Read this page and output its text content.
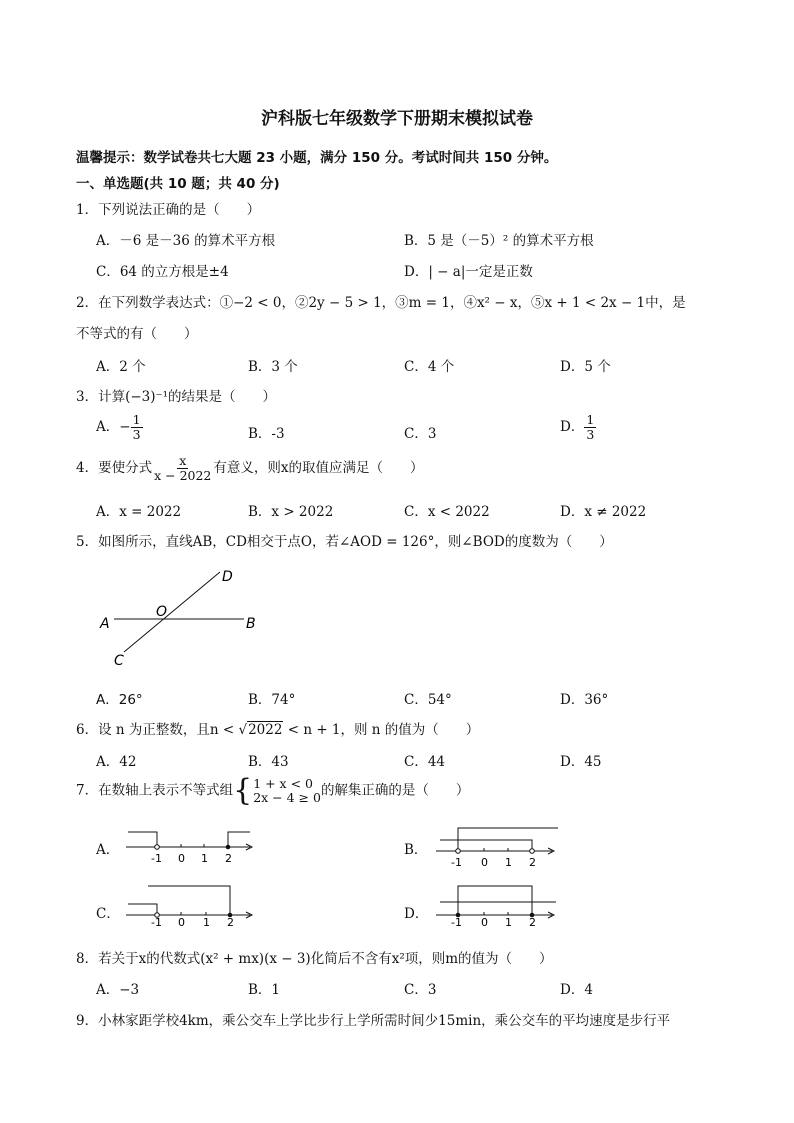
沪科版七年级数学下册期末模拟试卷
温馨提示：数学试卷共七大题 23 小题，满分 150 分。考试时间共 150 分钟。
一、单选题(共 10 题；共 40 分)
1．下列说法正确的是（　　）
A．－6 是－36 的算术平方根	B．5 是（－5）² 的算术平方根
C．64 的立方根是±4	D．| − a|一定是正数
2．在下列数学表达式：①−2 < 0，②2y − 5 > 1，③m = 1，④x² − x，⑤x + 1 < 2x − 1中，是
不等式的有（　　）
A．2 个	B．3 个	C．4 个	D．5 个
3．计算(−3)⁻¹的结果是（　　）
A．− $\frac{1}{3}$	B．-3	C．3	D． $\frac{1}{3}$
4．要使分式 $\frac{x}{x - 2022}$ 有意义，则x的取值应满足（　　）
A．x = 2022	B．x > 2022	C．x < 2022	D．x ≠ 2022
5．如图所示，直线AB，CD相交于点O，若∠AOD = 126°，则∠BOD的度数为（　　）
A	B
C
D
O
A．26°	B．74°	C．54°	D．36°
6．设 n 为正整数，且n < √2022 < n + 1，则 n 的值为（　　）
A．42	B．43	C．44	D．45
7．在数轴上表示不等式组 { 1 + x < 0
2x − 4 ≥ 0 的解集正确的是（　　）
A．	B．
C．	D．
-1 0 1 2	-1 0 1 2
-1 0 1 2	-1 0 1 2
8．若关于x的代数式(x² + mx)(x − 3)化简后不含有x²项，则m的值为（　　）
A．−3	B．1	C．3	D．4
9．小林家距学校4km，乘公交车上学比步行上学所需时间少15min，乘公交车的平均速度是步行平
